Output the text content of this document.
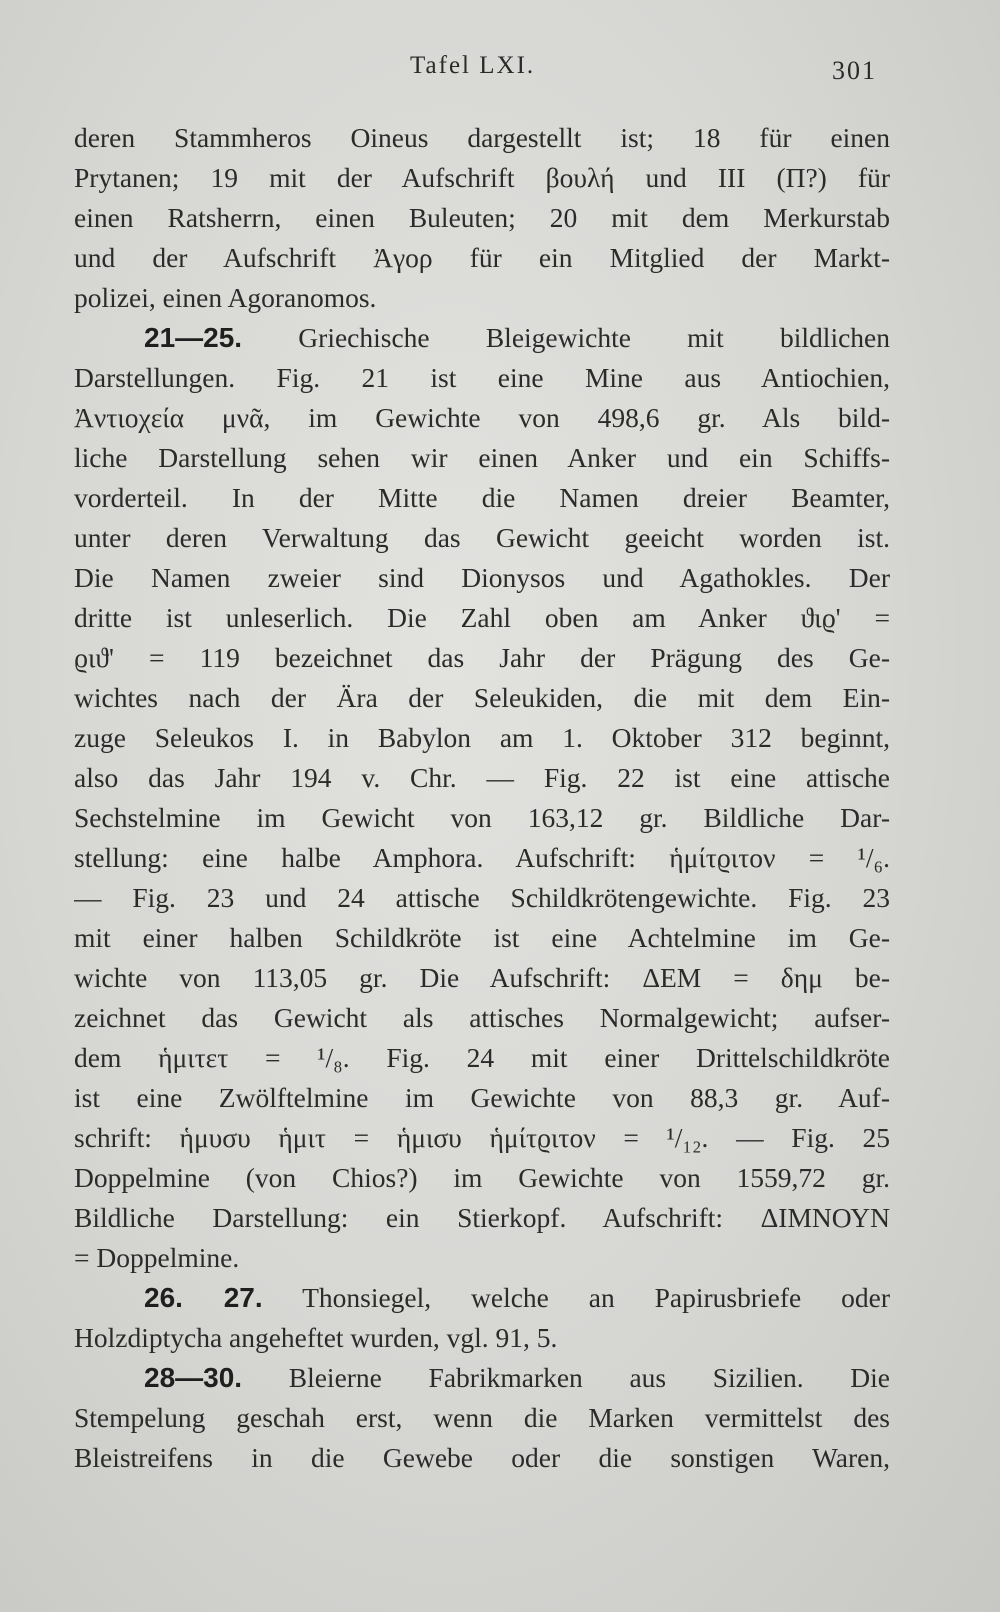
Tafel LXI.	301
deren Stammheros Oineus dargestellt ist; 18 für einen
Prytanen; 19 mit der Aufschrift βουλή und III (Π?) für
einen Ratsherrn, einen Buleuten; 20 mit dem Merkurstab
und der Aufschrift Ἀγορ für ein Mitglied der Markt-
polizei, einen Agoranomos.
21—25. Griechische Bleigewichte mit bildlichen
Darstellungen. Fig. 21 ist eine Mine aus Antiochien,
Ἀντιοχεία μνᾶ, im Gewichte von 498,6 gr. Als bild-
liche Darstellung sehen wir einen Anker und ein Schiffs-
vorderteil. In der Mitte die Namen dreier Beamter,
unter deren Verwaltung das Gewicht geeicht worden ist.
Die Namen zweier sind Dionysos und Agathokles. Der
dritte ist unleserlich. Die Zahl oben am Anker ϑιϱ' =
ϱιϑ' = 119 bezeichnet das Jahr der Prägung des Ge-
wichtes nach der Ära der Seleukiden, die mit dem Ein-
zuge Seleukos I. in Babylon am 1. Oktober 312 beginnt,
also das Jahr 194 v. Chr. — Fig. 22 ist eine attische
Sechstelmine im Gewicht von 163,12 gr. Bildliche Dar-
stellung: eine halbe Amphora. Aufschrift: ἡμίτϱιτον = ¹/₆.
— Fig. 23 und 24 attische Schildkrötengewichte. Fig. 23
mit einer halben Schildkröte ist eine Achtelmine im Ge-
wichte von 113,05 gr. Die Aufschrift: ΔΕΜ = δημ be-
zeichnet das Gewicht als attisches Normalgewicht; aufser-
dem ἡμιτετ = ¹/₈. Fig. 24 mit einer Drittelschildkröte
ist eine Zwölftelmine im Gewichte von 88,3 gr. Auf-
schrift: ἡμυσυ ἡμιτ = ἡμισυ ἡμίτϱιτον = ¹/₁₂. — Fig. 25
Doppelmine (von Chios?) im Gewichte von 1559,72 gr.
Bildliche Darstellung: ein Stierkopf. Aufschrift: ΔΙΜΝΟΥΝ
= Doppelmine.
26. 27. Thonsiegel, welche an Papirusbriefe oder
Holzdiptycha angeheftet wurden, vgl. 91, 5.
28—30. Bleierne Fabrikmarken aus Sizilien. Die
Stempelung geschah erst, wenn die Marken vermittelst des
Bleistreifens in die Gewebe oder die sonstigen Waren,
